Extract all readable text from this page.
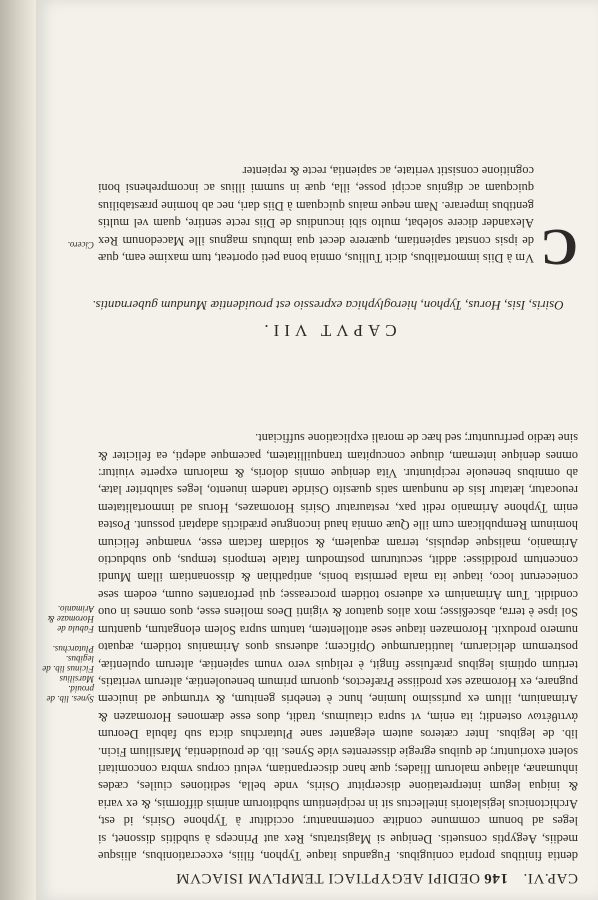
CAP.VI.
146
OEDIPI AEGYPTIACI TEMPLVM ISIACVM

dentia finitibus propria coniugibus. Fugandus itaque Typhon, filiis, excecrationibus, aliisque mediis, Aegyptis consuetis. Denique si Magistratus, Rex aut Princeps à subditis dissonet, si leges ad bonum commune conditæ contemnantur; occiditur à Typhone Osiris, id est, Archictonicus legislatoris intellectus sit in recipientium subditorum animis difformis, & ex varia & iniqua legum interpretatione discerpitur Osiris, vnde bella, seditiones ciuiles, cædes inhumanæ, aliaque malorum Iliades; quæ hanc discerpantiam, veluti corpus vmbra concomitari solent exoriuntur; de quibus egregie disserentes vide Synes. lib. de prouidentia, Marsilium Ficin. lib. de legibus. Inter cæteros autem eleganter sane Plutarchus dicta sub fabula Deorum ἀντιθέτων ostendit; ita enim, vt supra citauimus, tradit, duos esse dæmones Horomazen & Arimanium, illum ex purissimo lumine, hunc è tenebris genitum, & vtrumque ad inuicem pugnare, ex Horomaze sex prodiisse Præfectos, quorum primum beneuolentiæ, alterum veritatis, tertium optimis legibus præfuisse fingit, è reliquis vero vnum sapientiæ, alterum opulentiæ, postremum deliciarum, lautitiarumque Opificem; aduersus quos Arimanius totidem, æquato numero produxit. Horomazen itaque sese attollentem, tantum supra Solem elongatum, quantum Sol ipse è terra, absceßisse; mox alios quatuor & viginti Deos moliens esse, quos omnes in ouo condidit. Tum Arimanium ex aduerso totidem procreasse; qui perforantes ouum, eodem sese coniecerunt loco, itaque ita mala permista bonis, antipathian & dissonantiam illam Mundi concentum prodidisse: addit, secuturum postmodum fatale temporis tempus, quo subductio Arimanio, malisque depulsis, terram æqualem, & solidam factam esse, vnamque felicium hominum Rempublicam cum ille Quæ omnia haud incongrue prædictis adaptari possunt. Postea enim Typhone Arimanio redit pax, restauratur Osiris Horomazes, Horus ad immortalitatem reuocatur, lætatur Isis de nunquam satis quæsito Osiride tandem inuento, leges salubriter latæ, ab omnibus beneuole recipiuntur. Vita denique omnis doloris, & malorum experte viuitur: omnes denique internam, diuque concupitam tranquillitatem, pacemque adepti, ea feliciter & sine tædio perfruuntur; sed hæc de morali explicatione sufficiant.

CAPVT VII.
Osiris, Isis, Horus, Typhon, hieroglyphica expressio est prouidentiæ Mundum gubernantis.
C

Vm à Diis immortalibus, dicit Tullius, omnia bona peti oporteat, tum maxime eam, quæ de ipsis constat sapientiam, quærere decet qua imbutus magnus ille Macedonum Rex Alexander dicere solebat, multo sibi incundius de Diis recte sentire, quam vel multis gentibus imperare. Nam neque maius quicquam à Diis dari, nec ab homine præstabilius quicquam ac dignius accipi posse, illa, quæ in summi illius ac incomprehensi boni cognitione consistit veritate, ac sapientia, recte & repienter

Synes. lib. de prouid. Marsilius Ficinus lib. de legibus. Plutarchus.
Fabula de Horomaze & Arimanio.
Cicero.
